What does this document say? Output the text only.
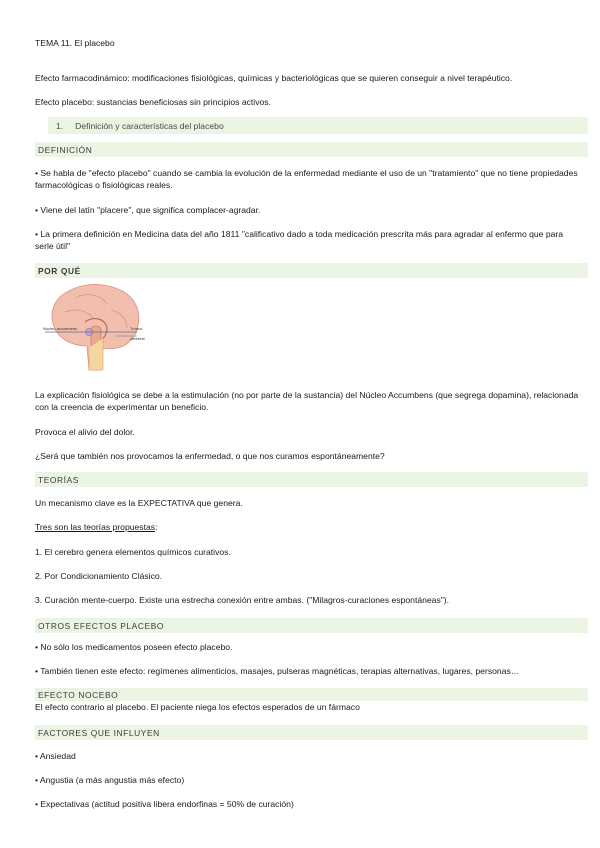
TEMA 11. El placebo

Efecto farmacodinámico: modificaciones fisiológicas, químicas y bacteriológicas que se quieren conseguir a nivel terapéutico.

Efecto placebo: sustancias beneficiosas sin principios activos.

1. Definición y características del placebo
DEFINICIÓN

• Se habla de "efecto placebo" cuando se cambia la evolución de la enfermedad mediante el uso de un "tratamiento" que no tiene propiedades farmacológicas o fisiológicas reales.

• Viene del latín "placere", que significa complacer-agradar.

• La primera definición en Medicina data del año 1811 "calificativo dado a toda medicación prescrita más para agradar al enfermo que para serle útil"

POR QUÉ
Núcleo accumbens	Tronco
cerebral

La explicación fisiológica se debe a la estimulación (no por parte de la sustancia) del Núcleo Accumbens (que segrega dopamina), relacionada con la creencia de experimentar un beneficio.

Provoca el alivio del dolor.

¿Será que también nos provocamos la enfermedad, o que nos curamos espontáneamente?

TEORÍAS

Un mecanismo clave es la EXPECTATIVA que genera.

Tres son las teorías propuestas:

1. El cerebro genera elementos químicos curativos.

2. Por Condicionamiento Clásico.

3. Curación mente-cuerpo. Existe una estrecha conexión entre ambas. ("Milagros-curaciones espontáneas").

OTROS EFECTOS PLACEBO

• No sólo los medicamentos poseen efecto placebo.

• También tienen este efecto: regímenes alimenticios, masajes, pulseras magnéticas, terapias alternativas, lugares, personas…

EFECTO NOCEBO

El efecto contrario al placebo. El paciente niega los efectos esperados de un fármaco

FACTORES QUE INFLUYEN

• Ansiedad

• Angustia (a más angustia más efecto)

• Expectativas (actitud positiva libera endorfinas = 50% de curación)
